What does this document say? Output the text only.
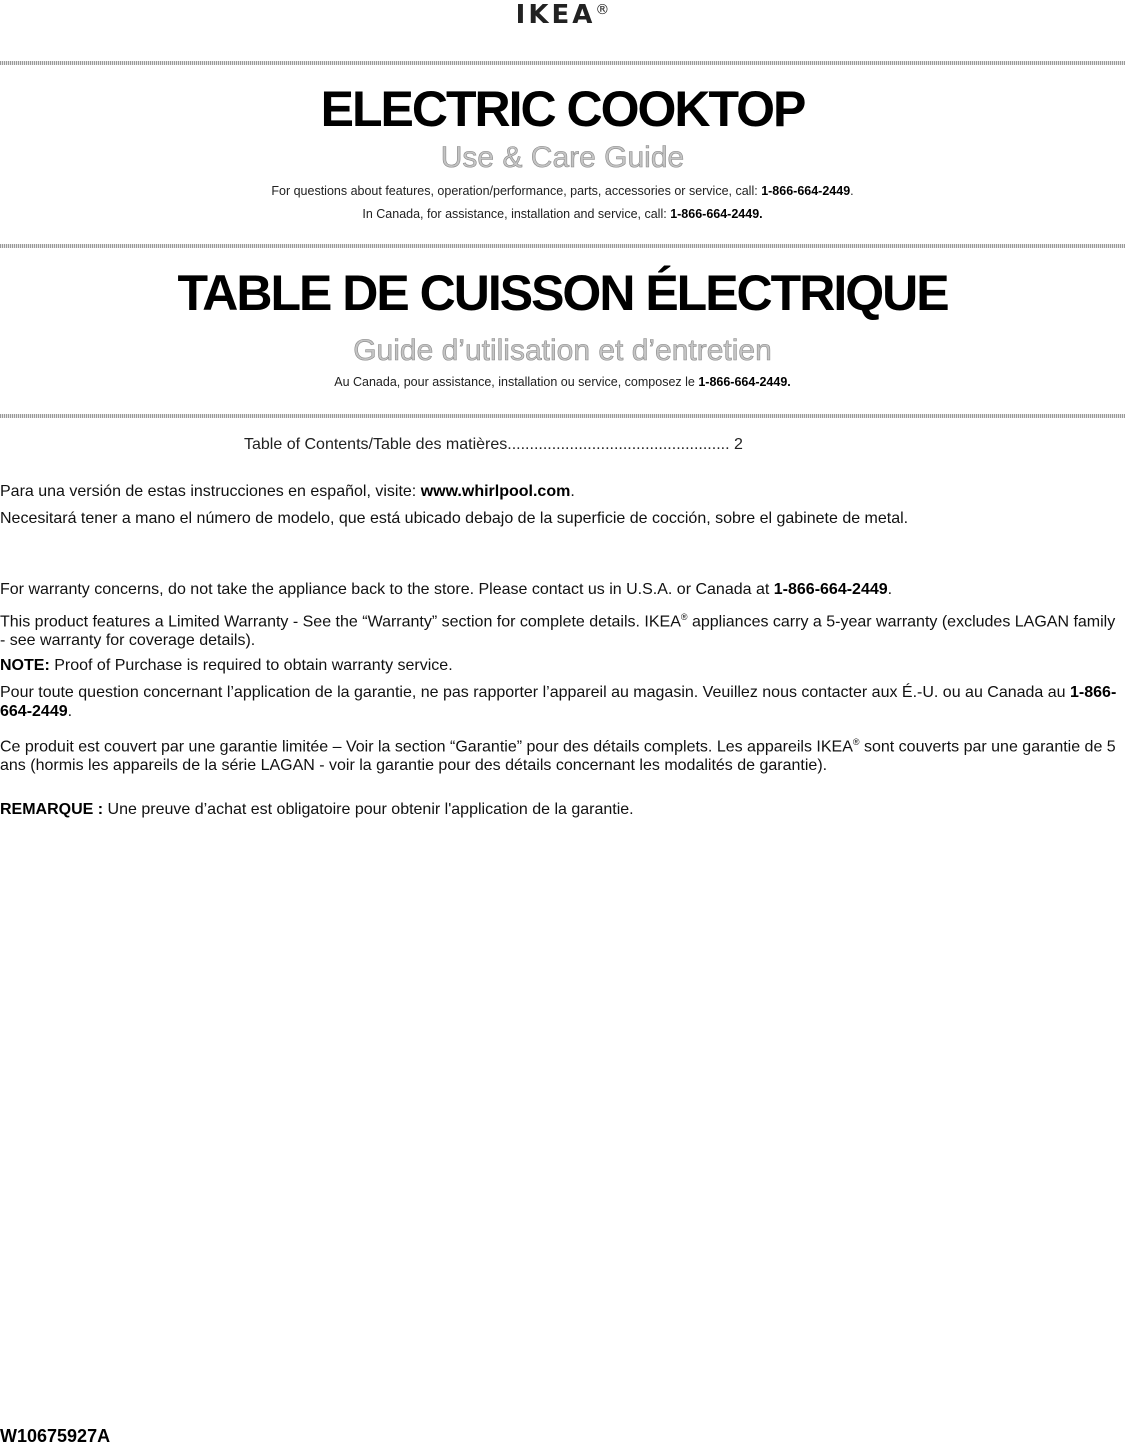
IKEA®
ELECTRIC COOKTOP
Use & Care Guide
For questions about features, operation/performance, parts, accessories or service, call: 1-866-664-2449.
In Canada, for assistance, installation and service, call: 1-866-664-2449.
TABLE DE CUISSON ÉLECTRIQUE
Guide d’utilisation et d’entretien
Au Canada, pour assistance, installation ou service, composez le 1-866-664-2449.
Table of Contents/Table des matières.................................................. 2
Para una versión de estas instrucciones en español, visite: www.whirlpool.com.
Necesitará tener a mano el número de modelo, que está ubicado debajo de la superficie de cocción, sobre el gabinete de metal.
For warranty concerns, do not take the appliance back to the store. Please contact us in U.S.A. or Canada at 1-866-664-2449.
This product features a Limited Warranty - See the “Warranty” section for complete details. IKEA® appliances carry a 5-year warranty (excludes LAGAN family - see warranty for coverage details).
NOTE: Proof of Purchase is required to obtain warranty service.
Pour toute question concernant l’application de la garantie, ne pas rapporter l’appareil au magasin. Veuillez nous contacter aux É.-U. ou au Canada au 1-866-664-2449.
Ce produit est couvert par une garantie limitée – Voir la section “Garantie” pour des détails complets. Les appareils IKEA® sont couverts par une garantie de 5 ans (hormis les appareils de la série LAGAN - voir la garantie pour des détails concernant les modalités de garantie).
REMARQUE : Une preuve d’achat est obligatoire pour obtenir l'application de la garantie.
W10675927A
